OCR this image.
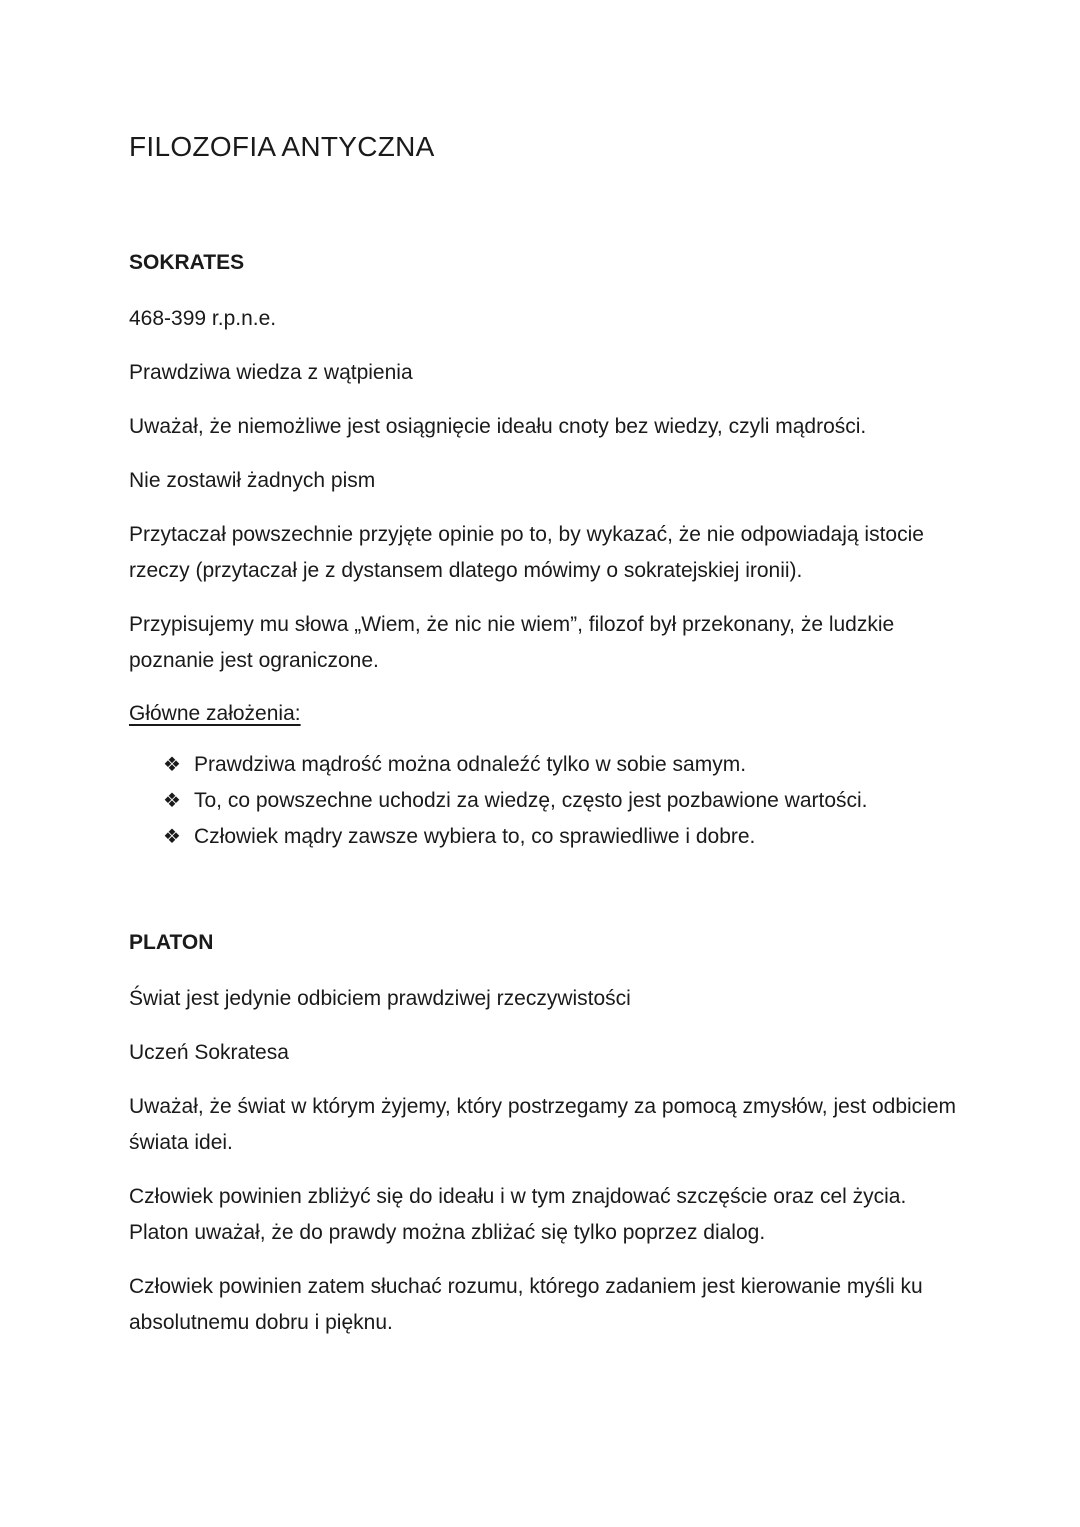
FILOZOFIA ANTYCZNA
SOKRATES

468-399 r.p.n.e.

Prawdziwa wiedza z wątpienia

Uważał, że niemożliwe jest osiągnięcie ideału cnoty bez wiedzy, czyli mądrości.

Nie zostawił żadnych pism

Przytaczał powszechnie przyjęte opinie po to, by wykazać, że nie odpowiadają istocie rzeczy (przytaczał je z dystansem dlatego mówimy o sokratejskiej ironii).

Przypisujemy mu słowa „Wiem, że nic nie wiem”, filozof był przekonany, że ludzkie poznanie jest ograniczone.

Główne założenia:

❖ Prawdziwa mądrość można odnaleźć tylko w sobie samym.
❖ To, co powszechne uchodzi za wiedzę, często jest pozbawione wartości.
❖ Człowiek mądry zawsze wybiera to, co sprawiedliwe i dobre.
PLATON

Świat jest jedynie odbiciem prawdziwej rzeczywistości

Uczeń Sokratesa

Uważał, że świat w którym żyjemy, który postrzegamy za pomocą zmysłów, jest odbiciem świata idei.

Człowiek powinien zbliżyć się do ideału i w tym znajdować szczęście oraz cel życia. Platon uważał, że do prawdy można zbliżać się tylko poprzez dialog.

Człowiek powinien zatem słuchać rozumu, którego zadaniem jest kierowanie myśli ku absolutnemu dobru i pięknu.
